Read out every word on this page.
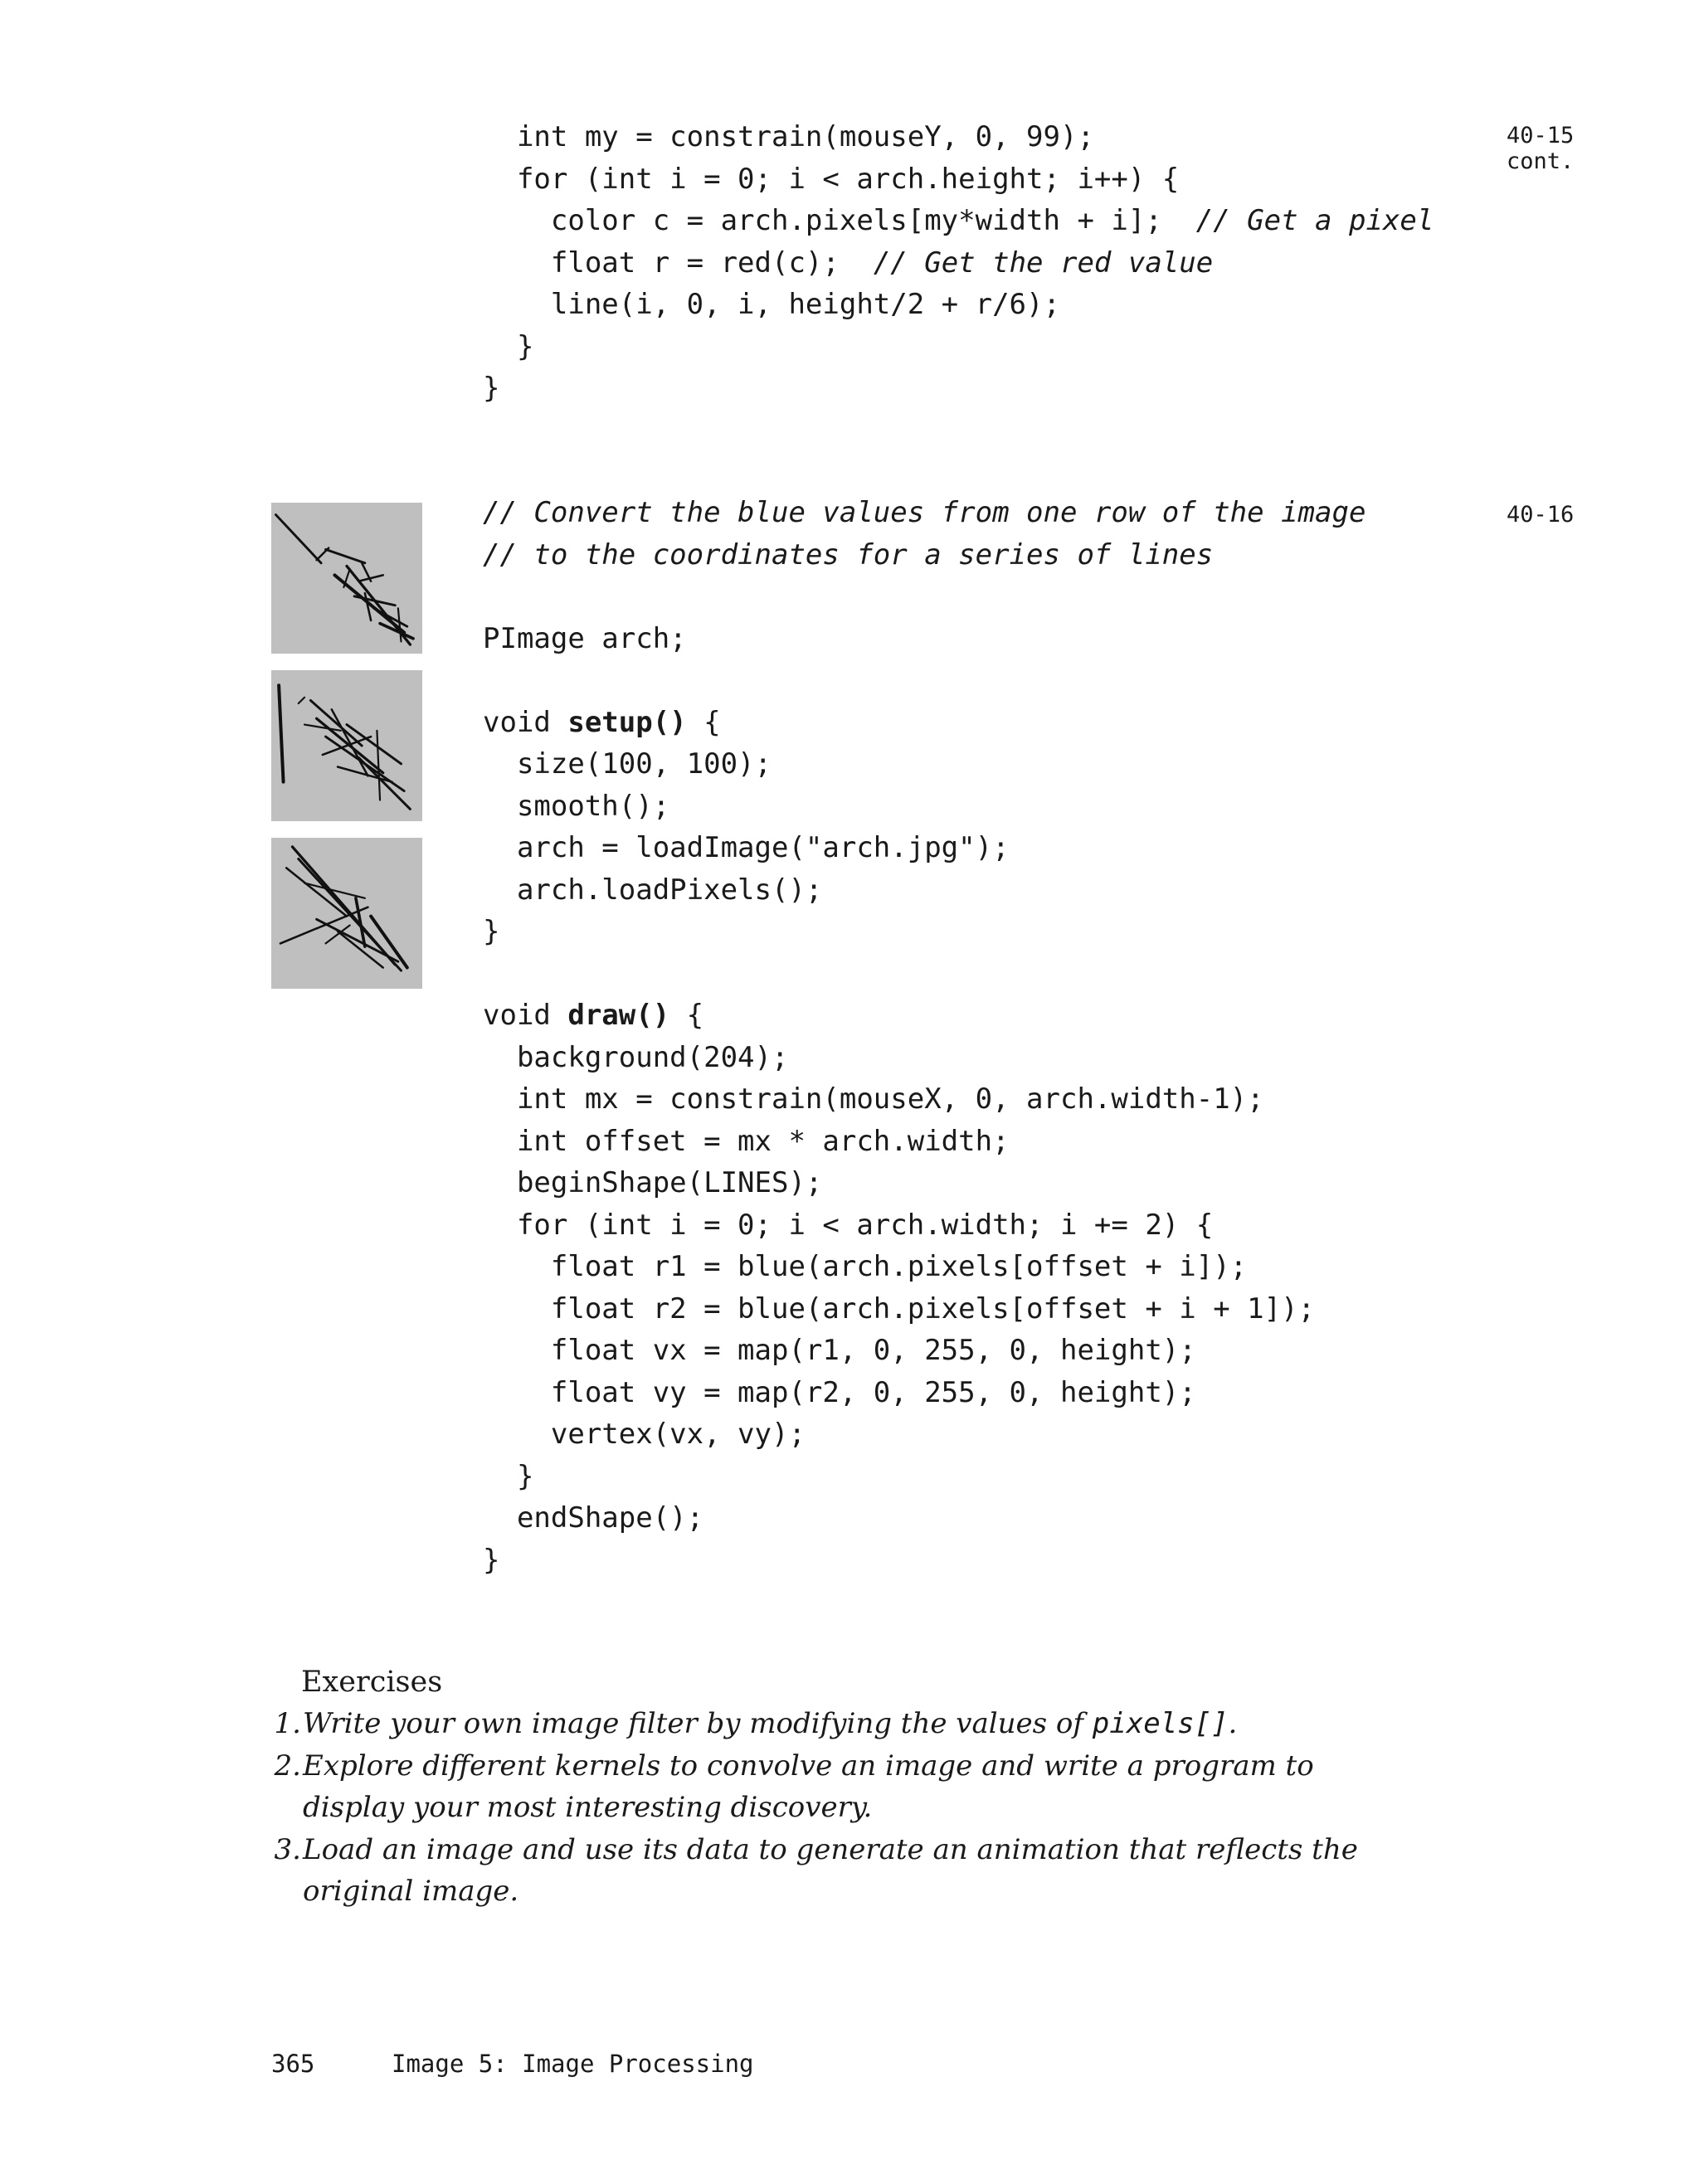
40-15
cont.
int my = constrain(mouseY, 0, 99);
for (int i = 0; i < arch.height; i++) {
color c = arch.pixels[my*width + i];  // Get a pixel
float r = red(c);  // Get the red value
line(i, 0, i, height/2 + r/6);
}
}
40-16
// Convert the blue values from one row of the image
// to the coordinates for a series of lines

PImage arch;

void setup() {
size(100, 100);
smooth();
arch = loadImage("arch.jpg");
arch.loadPixels();
}

void draw() {
background(204);
int mx = constrain(mouseX, 0, arch.width-1);
int offset = mx * arch.width;
beginShape(LINES);
for (int i = 0; i < arch.width; i += 2) {
float r1 = blue(arch.pixels[offset + i]);
float r2 = blue(arch.pixels[offset + i + 1]);
float vx = map(r1, 0, 255, 0, height);
float vy = map(r2, 0, 255, 0, height);
vertex(vx, vy);
}
endShape();
}
Exercises
1. Write your own image filter by modifying the values of pixels[].
2. Explore different kernels to convolve an image and write a program to display your most interesting discovery.
3. Load an image and use its data to generate an animation that reflects the original image.
365	Image 5: Image Processing
